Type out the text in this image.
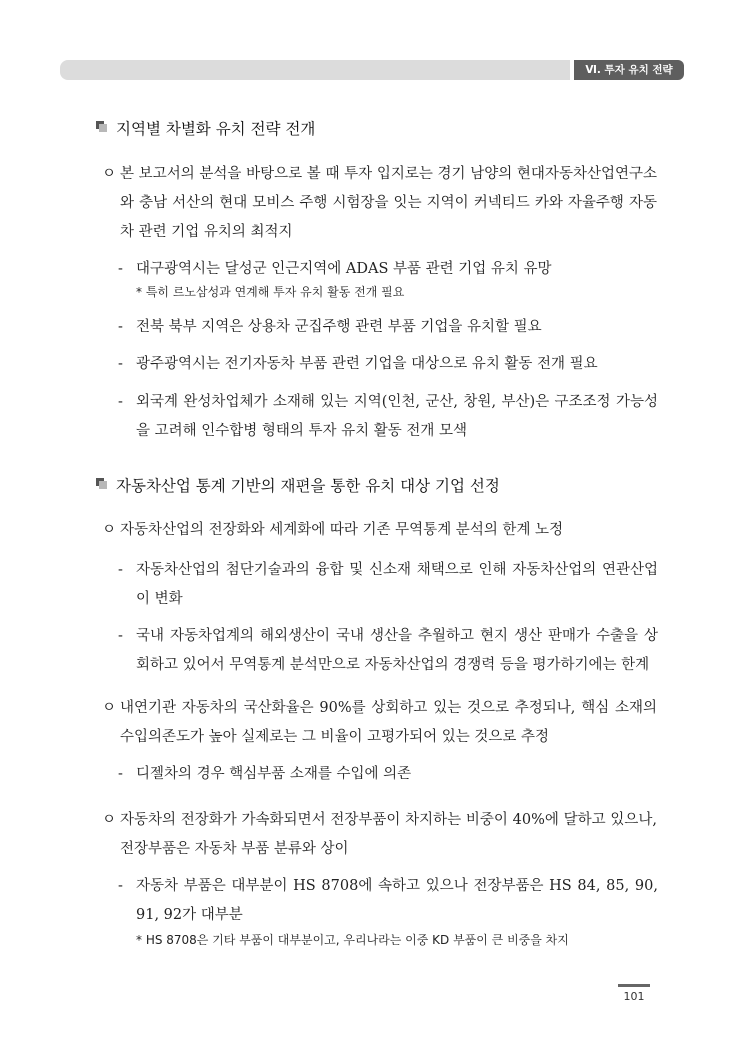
Ⅵ. 투자 유치 전략
지역별 차별화 유치 전략 전개
ㅇ 본 보고서의 분석을 바탕으로 볼 때 투자 입지로는 경기 남양의 현대자동차산업연구소와 충남 서산의 현대 모비스 주행 시험장을 잇는 지역이 커넥티드 카와 자율주행 자동차 관련 기업 유치의 최적지
- 대구광역시는 달성군 인근지역에 ADAS 부품 관련 기업 유치 유망
* 특히 르노삼성과 연계해 투자 유치 활동 전개 필요
- 전북 북부 지역은 상용차 군집주행 관련 부품 기업을 유치할 필요
- 광주광역시는 전기자동차 부품 관련 기업을 대상으로 유치 활동 전개 필요
- 외국계 완성차업체가 소재해 있는 지역(인천, 군산, 창원, 부산)은 구조조정 가능성을 고려해 인수합병 형태의 투자 유치 활동 전개 모색
자동차산업 통계 기반의 재편을 통한 유치 대상 기업 선정
ㅇ 자동차산업의 전장화와 세계화에 따라 기존 무역통계 분석의 한계 노정
- 자동차산업의 첨단기술과의 융합 및 신소재 채택으로 인해 자동차산업의 연관산업이 변화
- 국내 자동차업계의 해외생산이 국내 생산을 추월하고 현지 생산 판매가 수출을 상회하고 있어서 무역통계 분석만으로 자동차산업의 경쟁력 등을 평가하기에는 한계
ㅇ 내연기관 자동차의 국산화율은 90%를 상회하고 있는 것으로 추정되나, 핵심 소재의 수입의존도가 높아 실제로는 그 비율이 고평가되어 있는 것으로 추정
- 디젤차의 경우 핵심부품 소재를 수입에 의존
ㅇ 자동차의 전장화가 가속화되면서 전장부품이 차지하는 비중이 40%에 달하고 있으나, 전장부품은 자동차 부품 분류와 상이
- 자동차 부품은 대부분이 HS 8708에 속하고 있으나 전장부품은 HS 84, 85, 90, 91, 92가 대부분
* HS 8708은 기타 부품이 대부분이고, 우리나라는 이중 KD 부품이 큰 비중을 차지
101
